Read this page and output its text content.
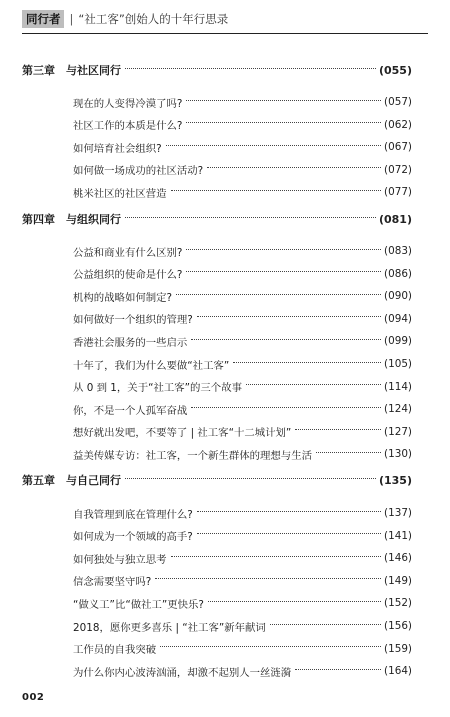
同行者 | “社工客”创始人的十年行思录
第三章	与社区同行	(055)
现在的人变得冷漠了吗?	(057)
社区工作的本质是什么?	(062)
如何培育社会组织?	(067)
如何做一场成功的社区活动?	(072)
桃米社区的社区营造	(077)
第四章	与组织同行	(081)
公益和商业有什么区别?	(083)
公益组织的使命是什么?	(086)
机构的战略如何制定?	(090)
如何做好一个组织的管理?	(094)
香港社会服务的一些启示	(099)
十年了，我们为什么要做“社工客”	(105)
从 0 到 1，关于“社工客”的三个故事	(114)
你，不是一个人孤军奋战	(124)
想好就出发吧，不要等了 | 社工客“十二城计划”	(127)
益美传媒专访：社工客，一个新生群体的理想与生活	(130)
第五章	与自己同行	(135)
自我管理到底在管理什么?	(137)
如何成为一个领域的高手?	(141)
如何独处与独立思考	(146)
信念需要坚守吗?	(149)
“做义工”比“做社工”更快乐?	(152)
2018，愿你更多喜乐 | “社工客”新年献词	(156)
工作员的自我突破	(159)
为什么你内心波涛汹涌，却激不起别人一丝涟漪	(164)
002
